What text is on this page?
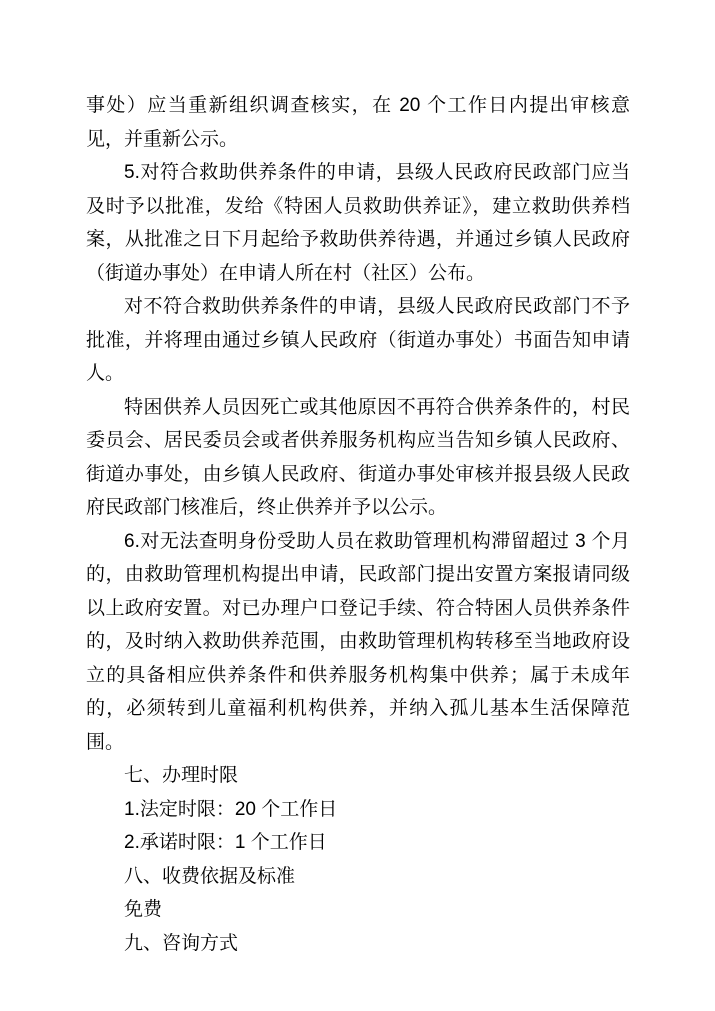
事处）应当重新组织调查核实，在 20 个工作日内提出审核意见，并重新公示。

5.对符合救助供养条件的申请，县级人民政府民政部门应当及时予以批准，发给《特困人员救助供养证》，建立救助供养档案，从批准之日下月起给予救助供养待遇，并通过乡镇人民政府（街道办事处）在申请人所在村（社区）公布。

对不符合救助供养条件的申请，县级人民政府民政部门不予批准，并将理由通过乡镇人民政府（街道办事处）书面告知申请人。

特困供养人员因死亡或其他原因不再符合供养条件的，村民委员会、居民委员会或者供养服务机构应当告知乡镇人民政府、街道办事处，由乡镇人民政府、街道办事处审核并报县级人民政府民政部门核准后，终止供养并予以公示。

6.对无法查明身份受助人员在救助管理机构滞留超过 3 个月的，由救助管理机构提出申请，民政部门提出安置方案报请同级以上政府安置。对已办理户口登记手续、符合特困人员供养条件的，及时纳入救助供养范围，由救助管理机构转移至当地政府设立的具备相应供养条件和供养服务机构集中供养；属于未成年的，必须转到儿童福利机构供养，并纳入孤儿基本生活保障范围。

七、办理时限

1.法定时限：20 个工作日

2.承诺时限：1 个工作日

八、收费依据及标准

免费

九、咨询方式
